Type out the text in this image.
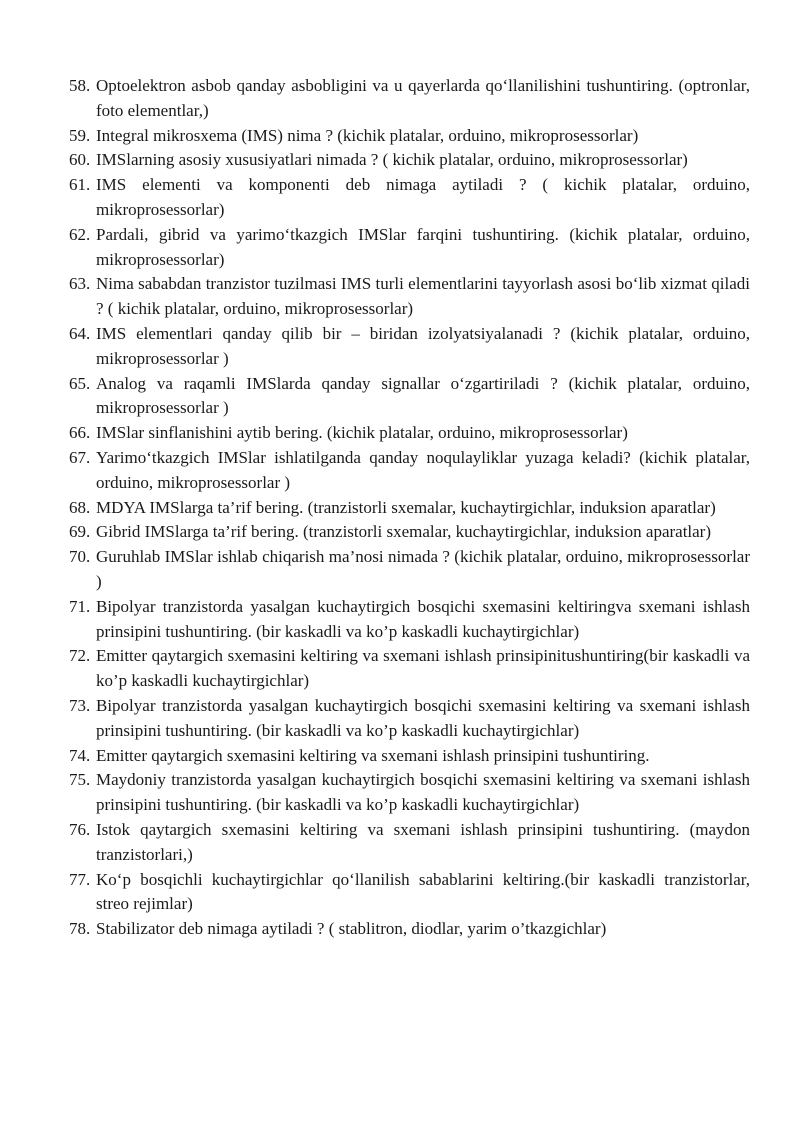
58. Optoelektron asbob qanday asbobligini va u qayerlarda qo‘llanilishini tushuntiring. (optronlar, foto elementlar,)
59. Integral mikrosxema (IMS) nima ? (kichik platalar, orduino, mikroprosessorlar)
60. IMSlarning asosiy xususiyatlari nimada ? ( kichik platalar, orduino, mikroprosessorlar)
61. IMS elementi va komponenti deb nimaga aytiladi ? ( kichik platalar, orduino, mikroprosessorlar)
62. Pardali, gibrid va yarimo‘tkazgich IMSlar farqini tushuntiring. (kichik platalar, orduino, mikroprosessorlar)
63. Nima sababdan tranzistor tuzilmasi IMS turli elementlarini tayyorlash asosi bo‘lib xizmat qiladi ? ( kichik platalar, orduino, mikroprosessorlar)
64. IMS elementlari qanday qilib bir – biridan izolyatsiyalanadi ? (kichik platalar, orduino, mikroprosessorlar )
65. Analog va raqamli IMSlarda qanday signallar o‘zgartiriladi ? (kichik platalar, orduino, mikroprosessorlar )
66. IMSlar sinflanishini aytib bering. (kichik platalar, orduino, mikroprosessorlar)
67. Yarimo‘tkazgich IMSlar ishlatilganda qanday noqulayliklar yuzaga keladi? (kichik platalar, orduino, mikroprosessorlar )
68. MDYA IMSlarga ta’rif bering. (tranzistorli sxemalar, kuchaytirgichlar, induksion aparatlar)
69. Gibrid IMSlarga ta’rif bering. (tranzistorli sxemalar, kuchaytirgichlar, induksion aparatlar)
70. Guruhlab IMSlar ishlab chiqarish ma’nosi nimada ? (kichik platalar, orduino, mikroprosessorlar )
71. Bipolyar tranzistorda yasalgan kuchaytirgich bosqichi sxemasini keltiringva sxemani ishlash prinsipini tushuntiring. (bir kaskadli va ko’p kaskadli kuchaytirgichlar)
72. Emitter qaytargich sxemasini keltiring va sxemani ishlash prinsipinitushuntiring(bir kaskadli va ko’p kaskadli kuchaytirgichlar)
73. Bipolyar tranzistorda yasalgan kuchaytirgich bosqichi sxemasini keltiring va sxemani ishlash prinsipini tushuntiring. (bir kaskadli va ko’p kaskadli kuchaytirgichlar)
74. Emitter qaytargich sxemasini keltiring va sxemani ishlash prinsipini tushuntiring.
75. Maydoniy tranzistorda yasalgan kuchaytirgich bosqichi sxemasini keltiring va sxemani ishlash prinsipini tushuntiring. (bir kaskadli va ko’p kaskadli kuchaytirgichlar)
76. Istok qaytargich sxemasini keltiring va sxemani ishlash prinsipini tushuntiring. (maydon tranzistorlari,)
77. Ko‘p bosqichli kuchaytirgichlar qo‘llanilish sabablarini keltiring.(bir kaskadli tranzistorlar, streo rejimlar)
78. Stabilizator deb nimaga aytiladi ? ( stablitron, diodlar, yarim o’tkazgichlar)
